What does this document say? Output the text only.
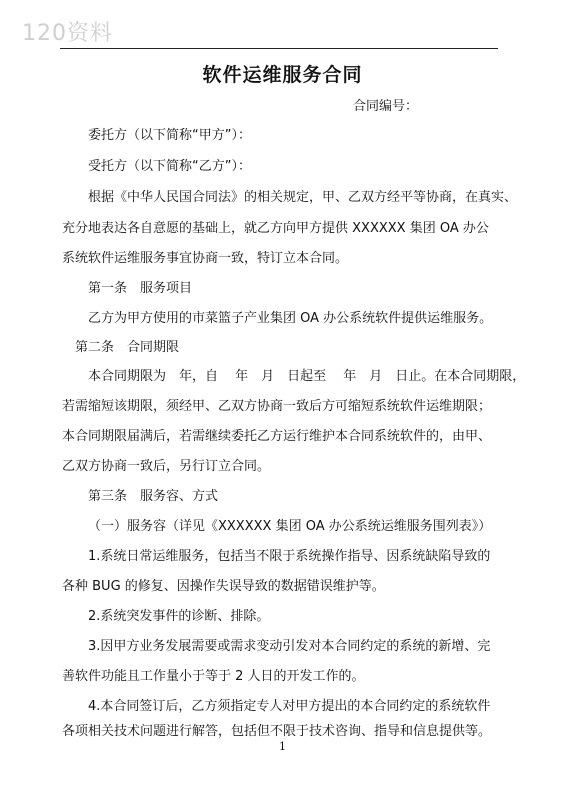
120资料
软件运维服务合同
合同编号：
委托方（以下简称“甲方”）：
受托方（以下简称“乙方”）：
根据《中华人民国合同法》的相关规定，甲、乙双方经平等协商，在真实、
充分地表达各自意愿的基础上，就乙方向甲方提供 XXXXXX 集团 OA 办公
系统软件运维服务事宜协商一致，特订立本合同。
第一条　服务项目
乙方为甲方使用的市菜篮子产业集团 OA 办公系统软件提供运维服务。
第二条　合同期限
本合同期限为　年，自　 年　月　日起至　 年　月　日止。在本合同期限，
若需缩短该期限，须经甲、乙双方协商一致后方可缩短系统软件运维期限；
本合同期限届满后，若需继续委托乙方运行维护本合同系统软件的，由甲、
乙双方协商一致后，另行订立合同。
第三条　服务容、方式
（一）服务容（详见《XXXXXX 集团 OA 办公系统运维服务围列表》）
1.系统日常运维服务，包括当不限于系统操作指导、因系统缺陷导致的
各种 BUG 的修复、因操作失误导致的数据错误维护等。
2.系统突发事件的诊断、排除。
3.因甲方业务发展需要或需求变动引发对本合同约定的系统的新增、完
善软件功能且工作量小于等于 2 人日的开发工作的。
4.本合同签订后，乙方须指定专人对甲方提出的本合同约定的系统软件
各项相关技术问题进行解答，包括但不限于技术咨询、指导和信息提供等。
1
